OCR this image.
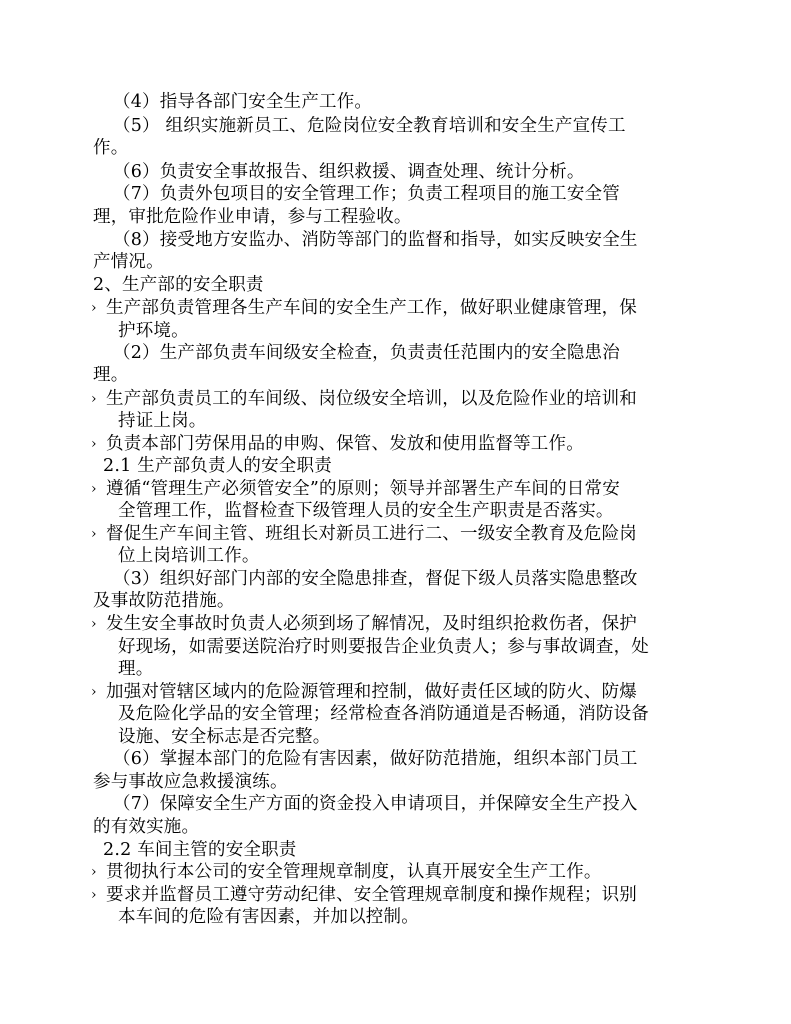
（4）指导各部门安全生产工作。
（5） 组织实施新员工、危险岗位安全教育培训和安全生产宣传工
作。
（6）负责安全事故报告、组织救援、调查处理、统计分析。
（7）负责外包项目的安全管理工作；负责工程项目的施工安全管
理，审批危险作业申请，参与工程验收。
（8）接受地方安监办、消防等部门的监督和指导，如实反映安全生
产情况。
2、生产部的安全职责
› 生产部负责管理各生产车间的安全生产工作，做好职业健康管理，保
护环境。
（2）生产部负责车间级安全检查，负责责任范围内的安全隐患治
理。
› 生产部负责员工的车间级、岗位级安全培训，以及危险作业的培训和
持证上岗。
› 负责本部门劳保用品的申购、保管、发放和使用监督等工作。
2.1 生产部负责人的安全职责
› 遵循“管理生产必须管安全”的原则；领导并部署生产车间的日常安
全管理工作，监督检查下级管理人员的安全生产职责是否落实。
› 督促生产车间主管、班组长对新员工进行二、一级安全教育及危险岗
位上岗培训工作。
（3）组织好部门内部的安全隐患排查，督促下级人员落实隐患整改
及事故防范措施。
› 发生安全事故时负责人必须到场了解情况，及时组织抢救伤者，保护
好现场，如需要送院治疗时则要报告企业负责人；参与事故调查，处
理。
› 加强对管辖区域内的危险源管理和控制，做好责任区域的防火、防爆
及危险化学品的安全管理；经常检查各消防通道是否畅通，消防设备
设施、安全标志是否完整。
（6）掌握本部门的危险有害因素，做好防范措施，组织本部门员工
参与事故应急救援演练。
（7）保障安全生产方面的资金投入申请项目，并保障安全生产投入
的有效实施。
2.2 车间主管的安全职责
› 贯彻执行本公司的安全管理规章制度，认真开展安全生产工作。
› 要求并监督员工遵守劳动纪律、安全管理规章制度和操作规程；识别
本车间的危险有害因素，并加以控制。
